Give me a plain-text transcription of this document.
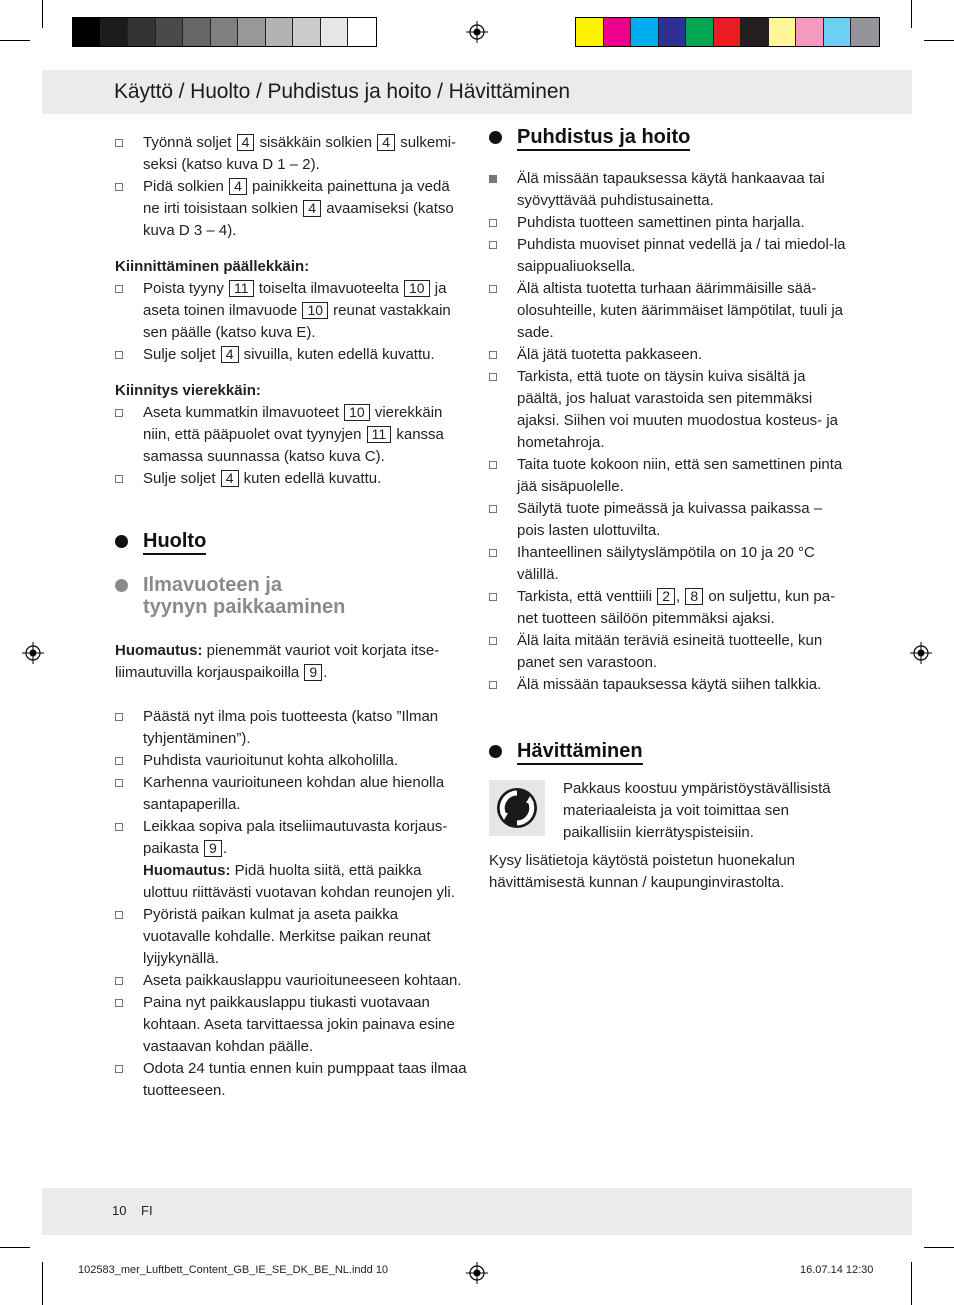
Käyttö / Huolto / Puhdistus ja hoito / Hävittäminen
Työnnä soljet 4 sisäkkäin solkien 4 sulkemi-seksi (katso kuva D 1 – 2).
Pidä solkien 4 painikkeita painettuna ja vedä ne irti toisistaan solkien 4 avaamiseksi (katso kuva D 3 – 4).
Kiinnittäminen päällekkäin:
Poista tyyny 11 toiselta ilmavuoteelta 10 ja aseta toinen ilmavuode 10 reunat vastakkain sen päälle (katso kuva E).
Sulje soljet 4 sivuilla, kuten edellä kuvattu.
Kiinnitys vierekkäin:
Aseta kummatkin ilmavuoteet 10 vierekkäin niin, että pääpuolet ovat tyynyjen 11 kanssa samassa suunnassa (katso kuva C).
Sulje soljet 4 kuten edellä kuvattu.
Huolto
Ilmavuoteen ja
tyynyn paikkaaminen
Huomautus: pienemmät vauriot voit korjata itse-liimautuvilla korjauspaikoilla 9 .
Päästä nyt ilma pois tuotteesta (katso ”Ilman tyhjentäminen”).
Puhdista vaurioitunut kohta alkoholilla.
Karhenna vaurioituneen kohdan alue hienolla santapaperilla.
Leikkaa sopiva pala itseliimautuvasta korjaus-paikasta 9 .
Huomautus: Pidä huolta siitä, että paikka ulottuu riittävästi vuotavan kohdan reunojen yli.
Pyöristä paikan kulmat ja aseta paikka vuotavalle kohdalle. Merkitse paikan reunat lyijykynällä.
Aseta paikkauslappu vaurioituneeseen kohtaan.
Paina nyt paikkauslappu tiukasti vuotavaan kohtaan. Aseta tarvittaessa jokin painava esine vastaavan kohdan päälle.
Odota 24 tuntia ennen kuin pumppaat taas ilmaa tuotteeseen.
Puhdistus ja hoito
Älä missään tapauksessa käytä hankaavaa tai syövyttävää puhdistusainetta.
Puhdista tuotteen samettinen pinta harjalla.
Puhdista muoviset pinnat vedellä ja / tai miedol-la saippualiuoksella.
Älä altista tuotetta turhaan äärimmäisille sää-olosuhteille, kuten äärimmäiset lämpötilat, tuuli ja sade.
Älä jätä tuotetta pakkaseen.
Tarkista, että tuote on täysin kuiva sisältä ja päältä, jos haluat varastoida sen pitemmäksi ajaksi. Siihen voi muuten muodostua kosteus- ja hometahroja.
Taita tuote kokoon niin, että sen samettinen pinta jää sisäpuolelle.
Säilytä tuote pimeässä ja kuivassa paikassa – pois lasten ulottuvilta.
Ihanteellinen säilytyslämpötila on 10 ja 20 °C välillä.
Tarkista, että venttiili 2 , 8 on suljettu, kun pa-net tuotteen säilöön pitemmäksi ajaksi.
Älä laita mitään teräviä esineitä tuotteelle, kun panet sen varastoon.
Älä missään tapauksessa käytä siihen talkkia.
Hävittäminen
Pakkaus koostuu ympäristöystävällisistä materiaaleista ja voit toimittaa sen paikallisiin kierrätyspisteisiin.
Kysy lisätietoja käytöstä poistetun huonekalun hävittämisestä kunnan / kaupunginvirastolta.
10 FI
102583_mer_Luftbett_Content_GB_IE_SE_DK_BE_NL.indd 10	16.07.14 12:30
